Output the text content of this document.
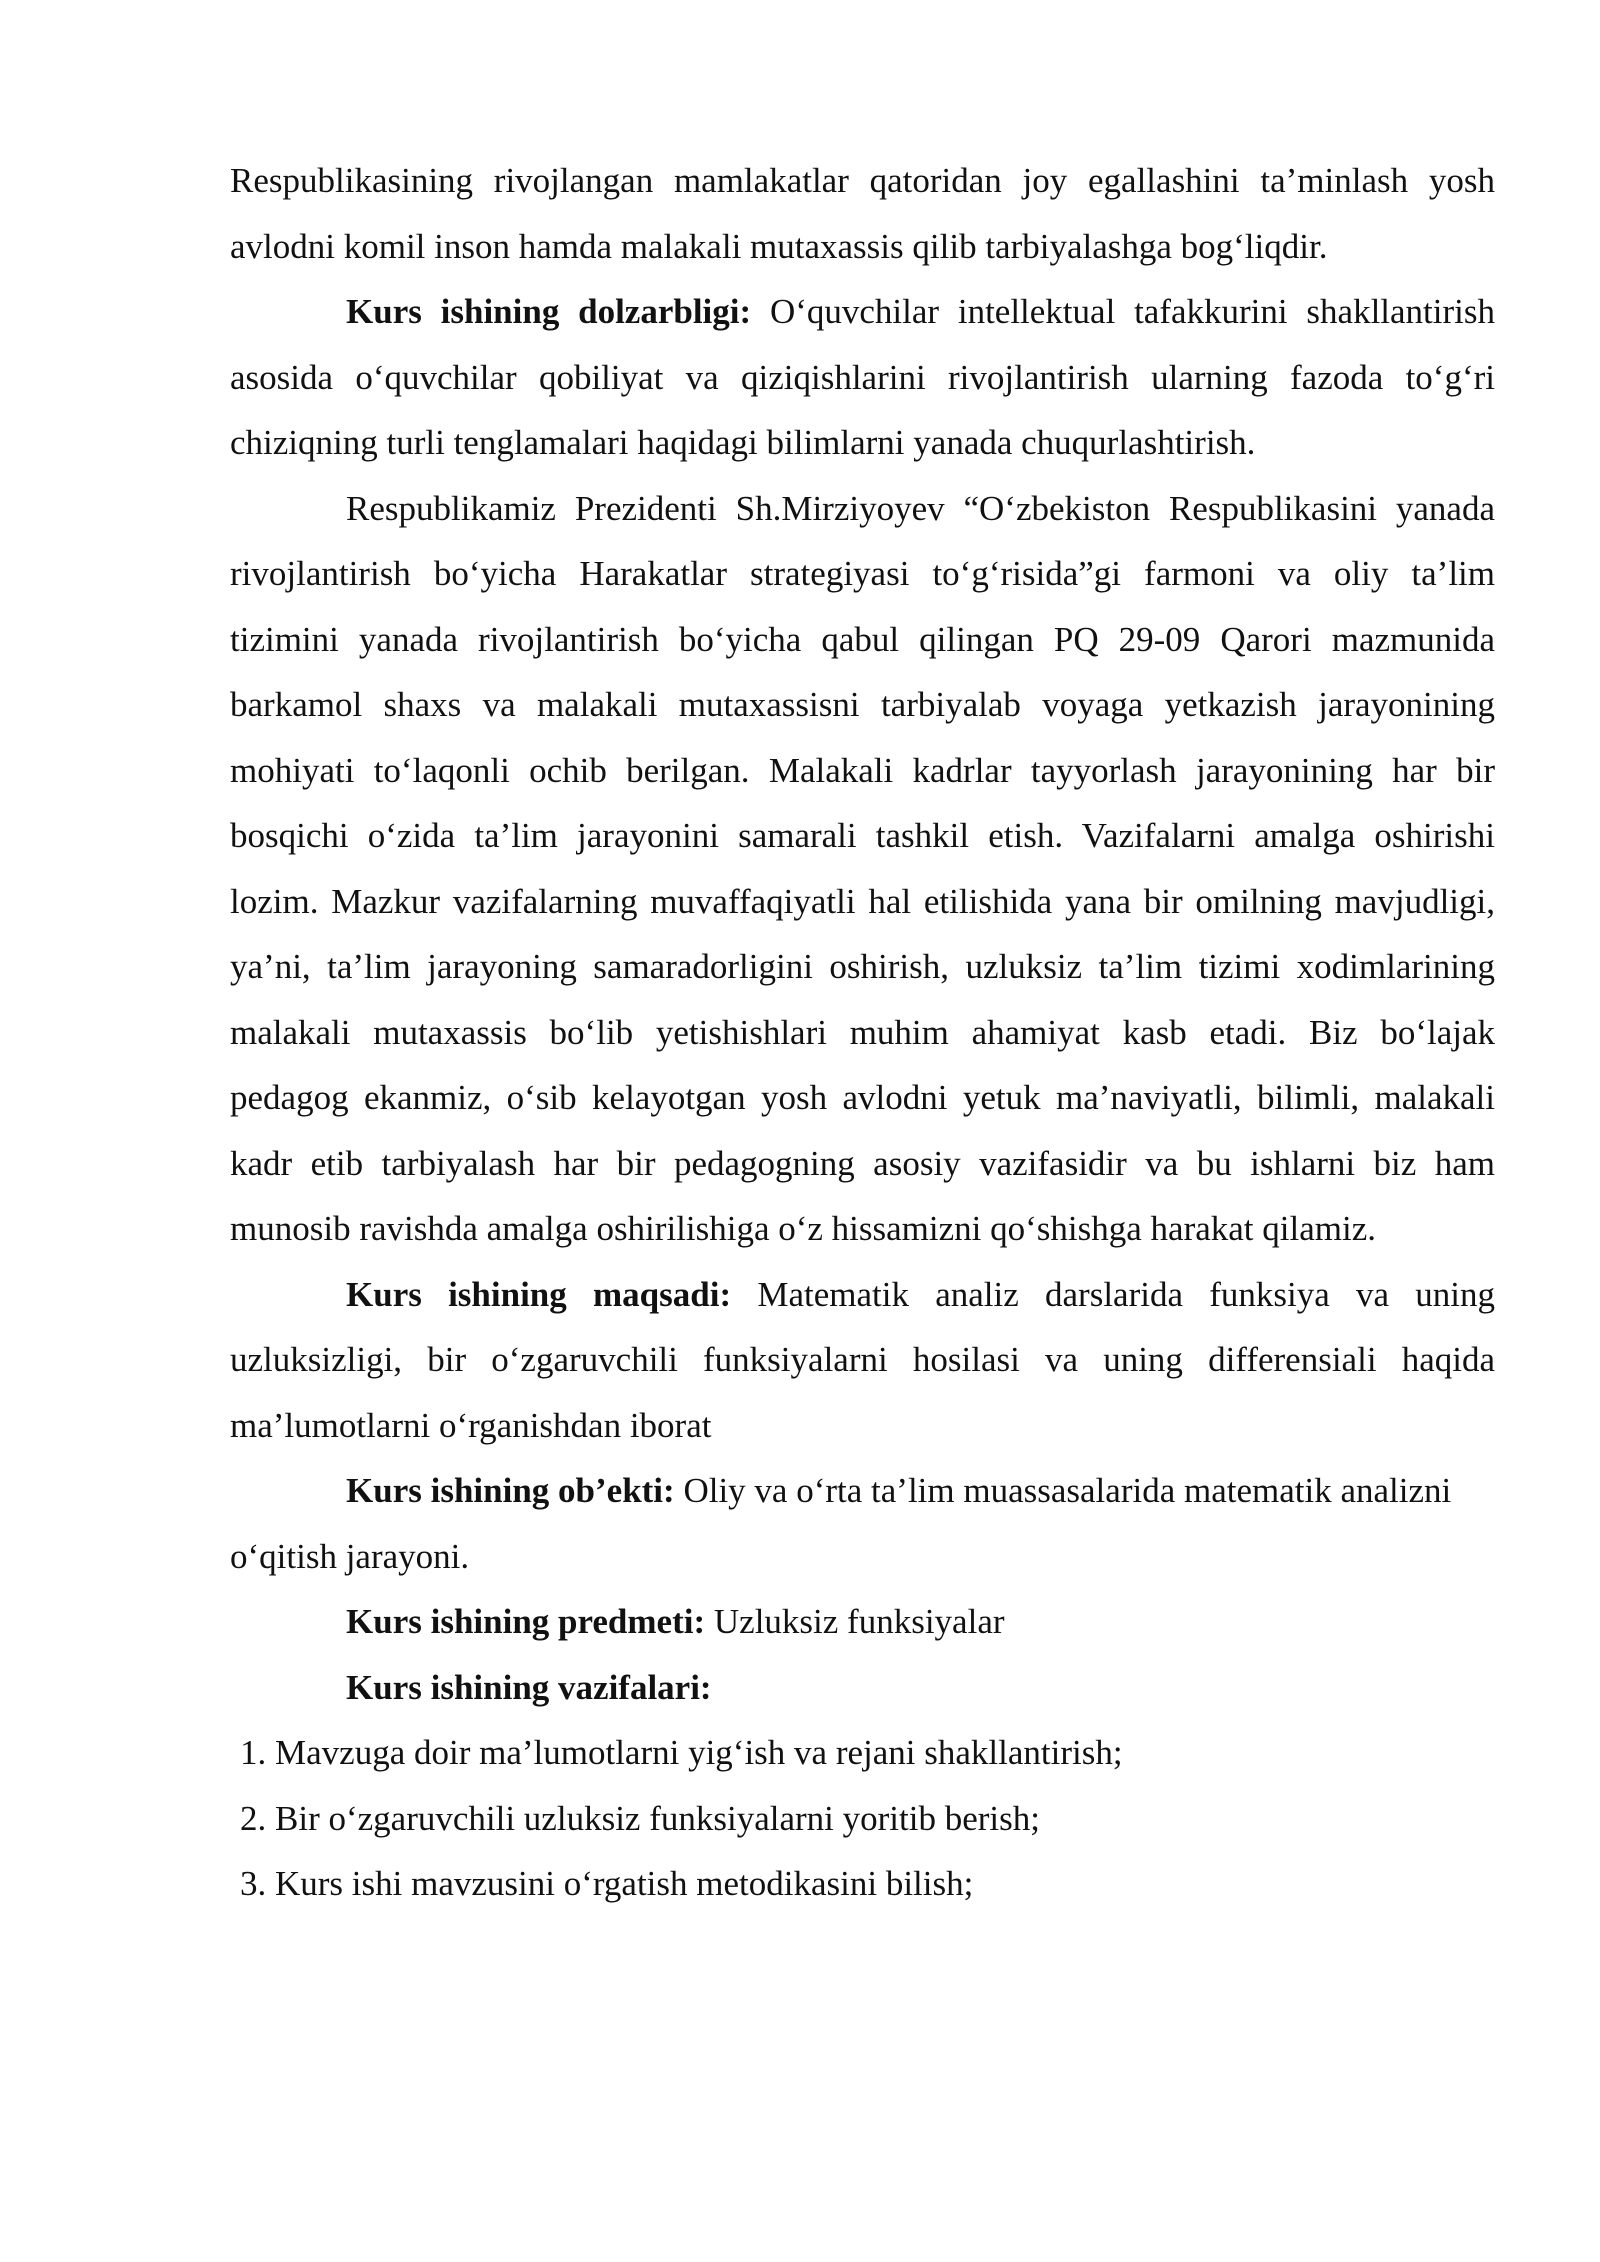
Respublikasining rivojlangan mamlakatlar qatoridan joy egallashini ta’minlash yosh avlodni komil inson hamda malakali mutaxassis qilib tarbiyalashga bog‘liqdir.

Kurs ishining dolzarbligi: O‘quvchilar intellektual tafakkurini shakllantirish asosida o‘quvchilar qobiliyat va qiziqishlarini rivojlantirish ularning fazoda to‘g‘ri chiziqning turli tenglamalari haqidagi bilimlarni yanada chuqurlashtirish.

Respublikamiz Prezidenti Sh.Mirziyoyev “O‘zbekiston Respublikasini yanada rivojlantirish bo‘yicha Harakatlar strategiyasi to‘g‘risida”gi farmoni va oliy ta’lim tizimini yanada rivojlantirish bo‘yicha qabul qilingan PQ 29-09 Qarori mazmunida barkamol shaxs va malakali mutaxassisni tarbiyalab voyaga yetkazish jarayonining mohiyati to‘laqonli ochib berilgan. Malakali kadrlar tayyorlash jarayonining har bir bosqichi o‘zida ta’lim jarayonini samarali tashkil etish. Vazifalarni amalga oshirishi lozim. Mazkur vazifalarning muvaffaqiyatli hal etilishida yana bir omilning mavjudligi, ya’ni, ta’lim jarayoning samaradorligini oshirish, uzluksiz ta’lim tizimi xodimlarining malakali mutaxassis bo‘lib yetishishlari muhim ahamiyat kasb etadi. Biz bo‘lajak pedagog ekanmiz, o‘sib kelayotgan yosh avlodni yetuk ma’naviyatli, bilimli, malakali kadr etib tarbiyalash har bir pedagogning asosiy vazifasidir va bu ishlarni biz ham munosib ravishda amalga oshirilishiga o‘z hissamizni qo‘shishga harakat qilamiz.

Kurs ishining maqsadi: Matematik analiz darslarida funksiya va uning uzluksizligi, bir o‘zgaruvchili funksiyalarni hosilasi va uning differensiali haqida ma’lumotlarni o‘rganishdan iborat

Kurs ishining ob’ekti: Oliy va o‘rta ta’lim muassasalarida matematik analizni o‘qitish jarayoni.

Kurs ishining predmeti: Uzluksiz funksiyalar

Kurs ishining vazifalari:

1. Mavzuga doir ma’lumotlarni yig‘ish va rejani shakllantirish;
2. Bir o‘zgaruvchili uzluksiz funksiyalarni yoritib berish;
3. Kurs ishi mavzusini o‘rgatish metodikasini bilish;
